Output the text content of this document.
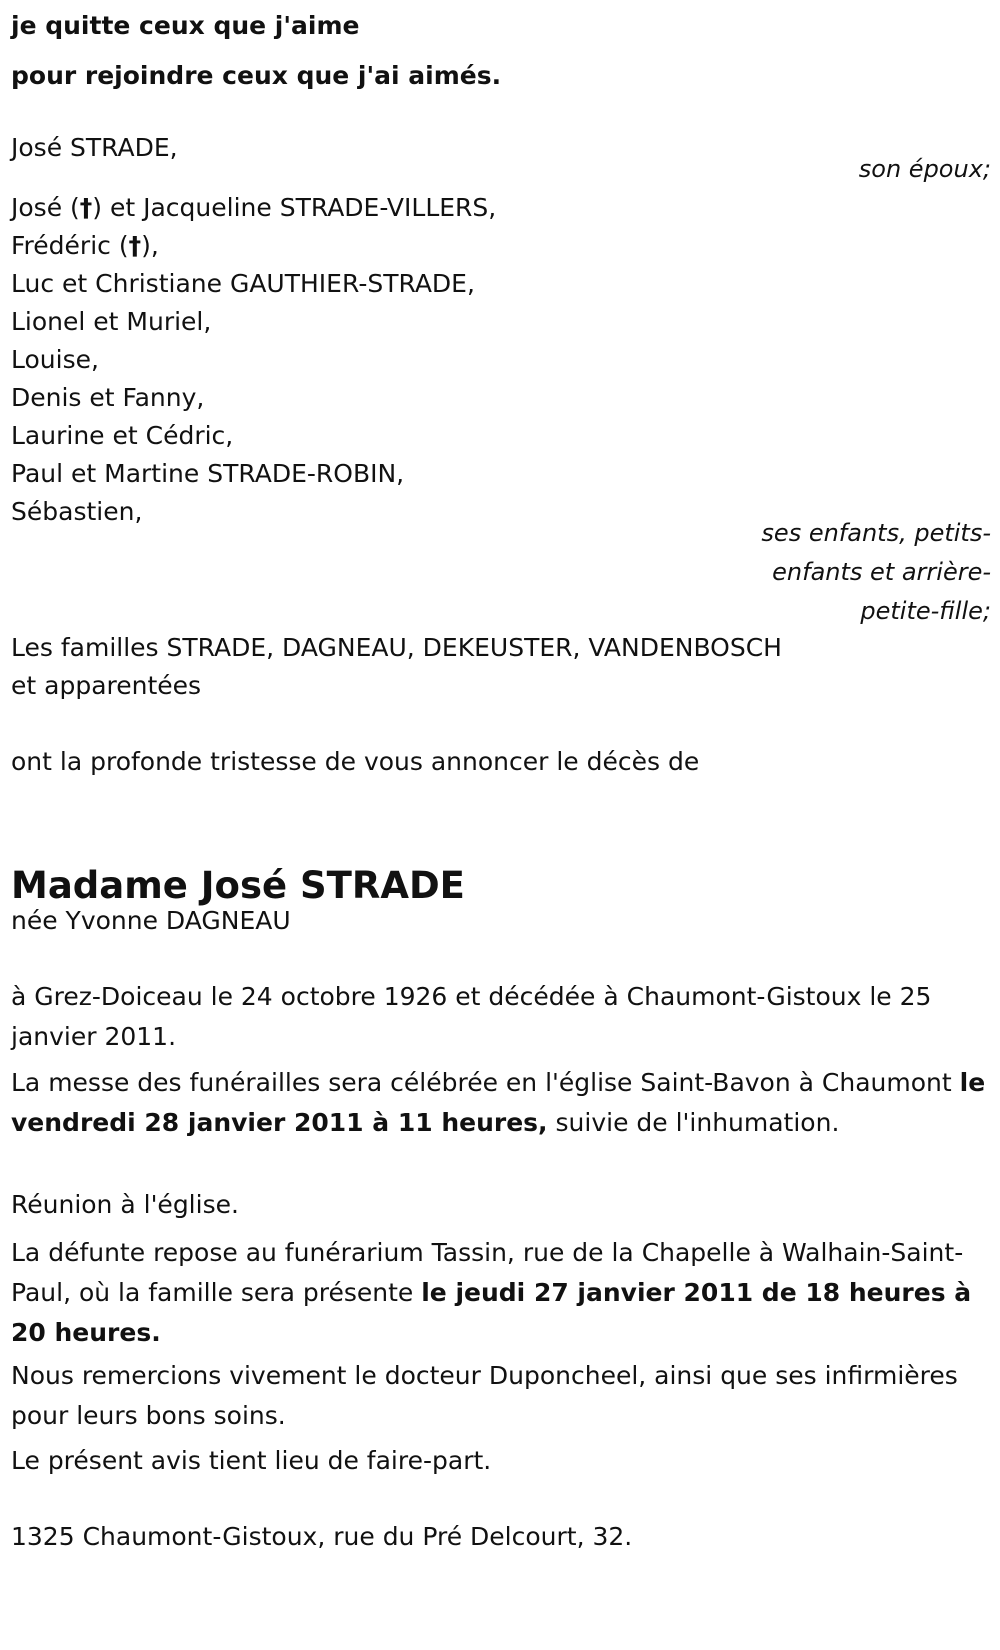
je quitte ceux que j'aime
pour rejoindre ceux que j'ai aimés.
José STRADE,
son époux;
José (†) et Jacqueline STRADE-VILLERS,
Frédéric (†),
Luc et Christiane GAUTHIER-STRADE,
Lionel et Muriel,
Louise,
Denis et Fanny,
Laurine et Cédric,
Paul et Martine STRADE-ROBIN,
Sébastien,
ses enfants, petits-
enfants et arrière-
petite-fille;
Les familles STRADE, DAGNEAU, DEKEUSTER, VANDENBOSCH
et apparentées
ont la profonde tristesse de vous annoncer le décès de
Madame José STRADE
née Yvonne DAGNEAU
à Grez-Doiceau le 24 octobre 1926 et décédée à Chaumont-Gistoux le 25 janvier 2011.
La messe des funérailles sera célébrée en l'église Saint-Bavon à Chaumont le vendredi 28 janvier 2011 à 11 heures, suivie de l'inhumation.
Réunion à l'église.
La défunte repose au funérarium Tassin, rue de la Chapelle à Walhain-Saint-Paul, où la famille sera présente le jeudi 27 janvier 2011 de 18 heures à 20 heures.
Nous remercions vivement le docteur Duponcheel, ainsi que ses infirmières pour leurs bons soins.
Le présent avis tient lieu de faire-part.
1325 Chaumont-Gistoux, rue du Pré Delcourt, 32.
